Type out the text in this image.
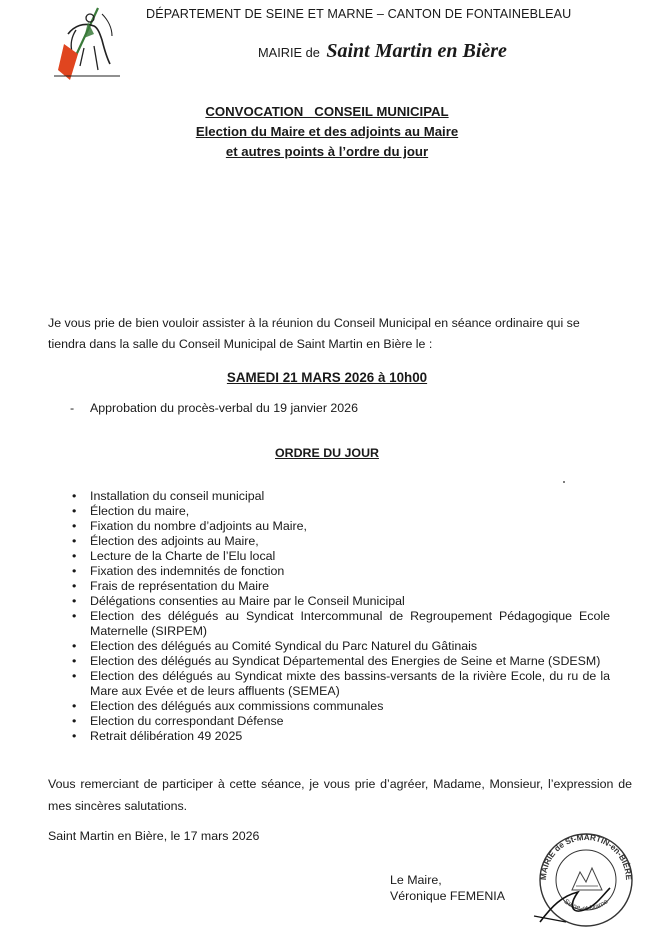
DÉPARTEMENT DE SEINE ET MARNE – CANTON DE FONTAINEBLEAU
MAIRIE de Saint Martin en Bière
CONVOCATION   CONSEIL MUNICIPAL
Election du Maire et des adjoints au Maire
et autres points à l’ordre du jour
Je vous prie de bien vouloir assister à la réunion du Conseil Municipal en séance ordinaire qui se tiendra dans la salle du Conseil Municipal de Saint Martin en Bière le :
SAMEDI 21 MARS 2026 à 10h00
- Approbation du procès-verbal du 19 janvier 2026
ORDRE DU JOUR
• Installation du conseil municipal
• Élection du maire,
• Fixation du nombre d’adjoints au Maire,
• Élection des adjoints au Maire,
• Lecture de la Charte de l’Elu local
• Fixation des indemnités de fonction
• Frais de représentation du Maire
• Délégations consenties au Maire par le Conseil Municipal
• Election des délégués au Syndicat Intercommunal de Regroupement Pédagogique Ecole Maternelle (SIRPEM)
• Election des délégués au Comité Syndical du Parc Naturel du Gâtinais
• Election des délégués au Syndicat Départemental des Energies de Seine et Marne (SDESM)
• Election des délégués au Syndicat mixte des bassins-versants de la rivière Ecole, du ru de la Mare aux Evée et de leurs affluents (SEMEA)
• Election des délégués aux commissions communales
• Election du correspondant Défense
• Retrait délibération 49 2025
Vous remerciant de participer à cette séance, je vous prie d’agréer, Madame, Monsieur, l’expression de mes sincères salutations.
Saint Martin en Bière, le 17 mars 2026
Le Maire,
Véronique FEMENIA
MAIRIE de St-MARTIN-en-BIÈRE
Seine-et-Marne
